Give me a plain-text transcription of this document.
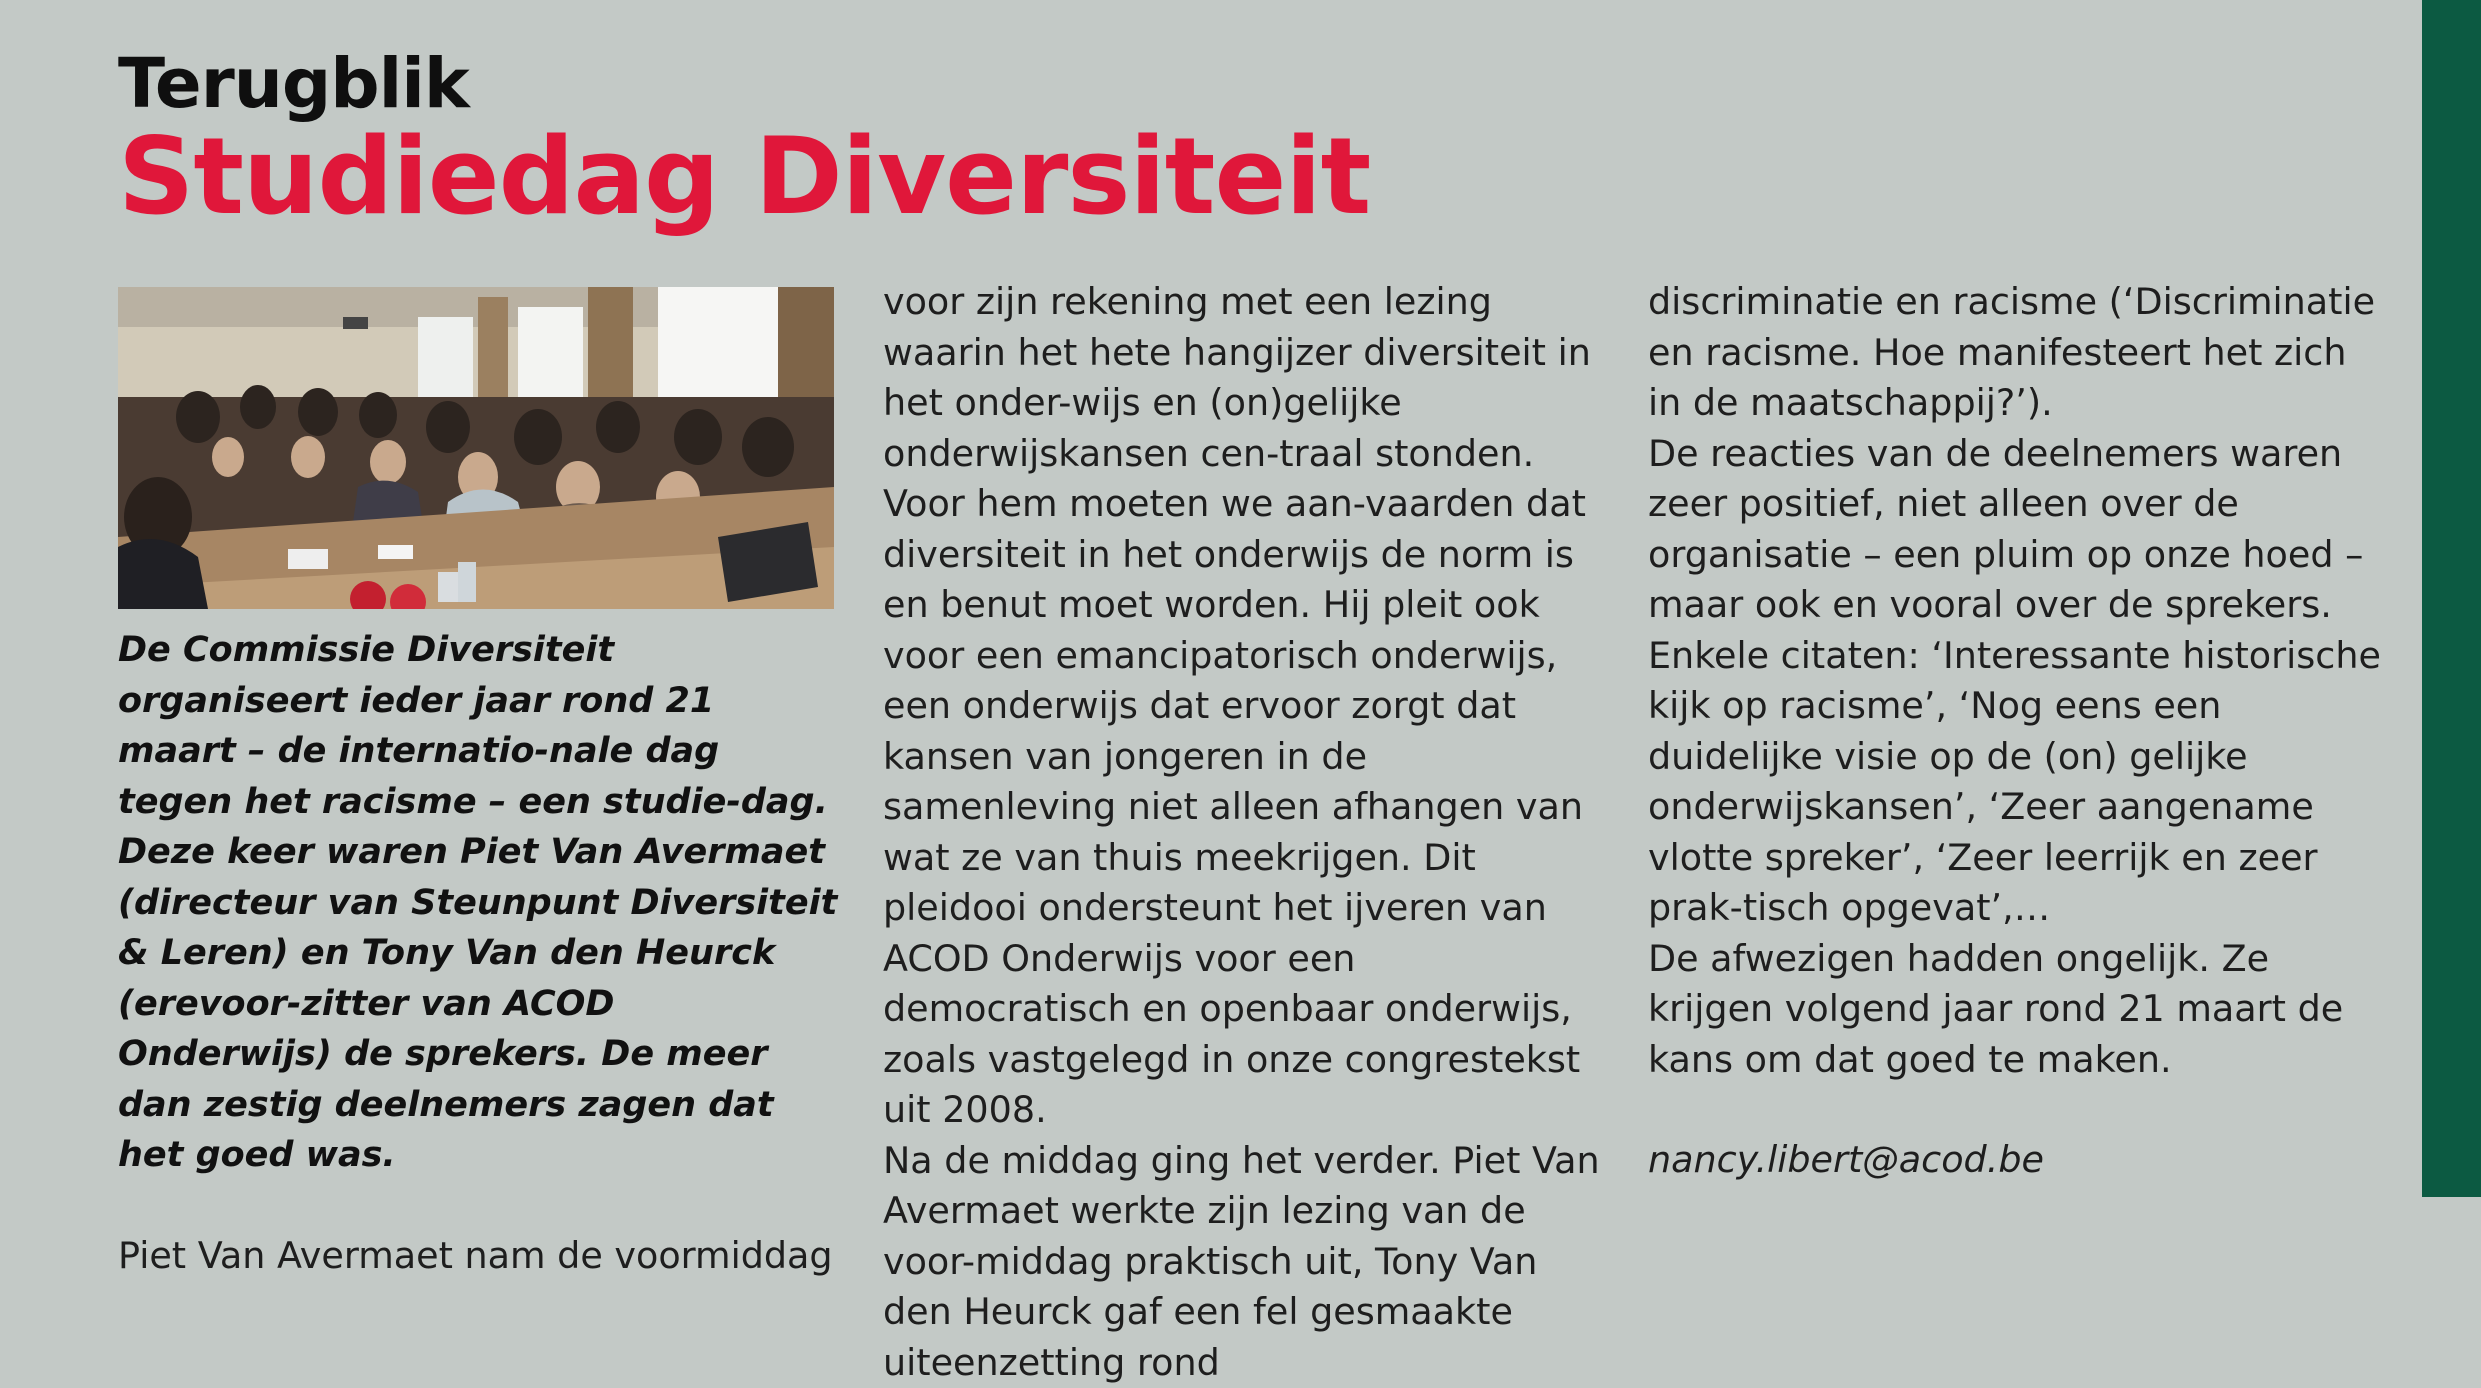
Terugblik
Studiedag Diversiteit

De Commissie Diversiteit organiseert ieder jaar rond 21 maart – de internatio-nale dag tegen het racisme – een studie-dag. Deze keer waren Piet Van Avermaet (directeur van Steunpunt Diversiteit & Leren) en Tony Van den Heurck (erevoor-zitter van ACOD Onderwijs) de sprekers. De meer dan zestig deelnemers zagen dat het goed was.

Piet Van Avermaet nam de voormiddag

voor zijn rekening met een lezing waarin het hete hangijzer diversiteit in het onder-wijs en (on)gelijke onderwijskansen cen-traal stonden. Voor hem moeten we aan-vaarden dat diversiteit in het onderwijs de norm is en benut moet worden. Hij pleit ook voor een emancipatorisch onderwijs, een onderwijs dat ervoor zorgt dat kansen van jongeren in de samenleving niet alleen afhangen van wat ze van thuis meekrijgen. Dit pleidooi ondersteunt het ijveren van ACOD Onderwijs voor een democratisch en openbaar onderwijs, zoals vastgelegd in onze congrestekst uit 2008.

Na de middag ging het verder. Piet Van Avermaet werkte zijn lezing van de voor-middag praktisch uit, Tony Van den Heurck gaf een fel gesmaakte uiteenzetting rond

discriminatie en racisme (‘Discriminatie en racisme. Hoe manifesteert het zich in de maatschappij?’).

De reacties van de deelnemers waren zeer positief, niet alleen over de organisatie – een pluim op onze hoed – maar ook en vooral over de sprekers. Enkele citaten: ‘Interessante historische kijk op racisme’, ‘Nog eens een duidelijke visie op de (on) gelijke onderwijskansen’, ‘Zeer aangename vlotte spreker’, ‘Zeer leerrijk en zeer prak-tisch opgevat’,…

De afwezigen hadden ongelijk. Ze krijgen volgend jaar rond 21 maart de kans om dat goed te maken.

nancy.libert@acod.be
